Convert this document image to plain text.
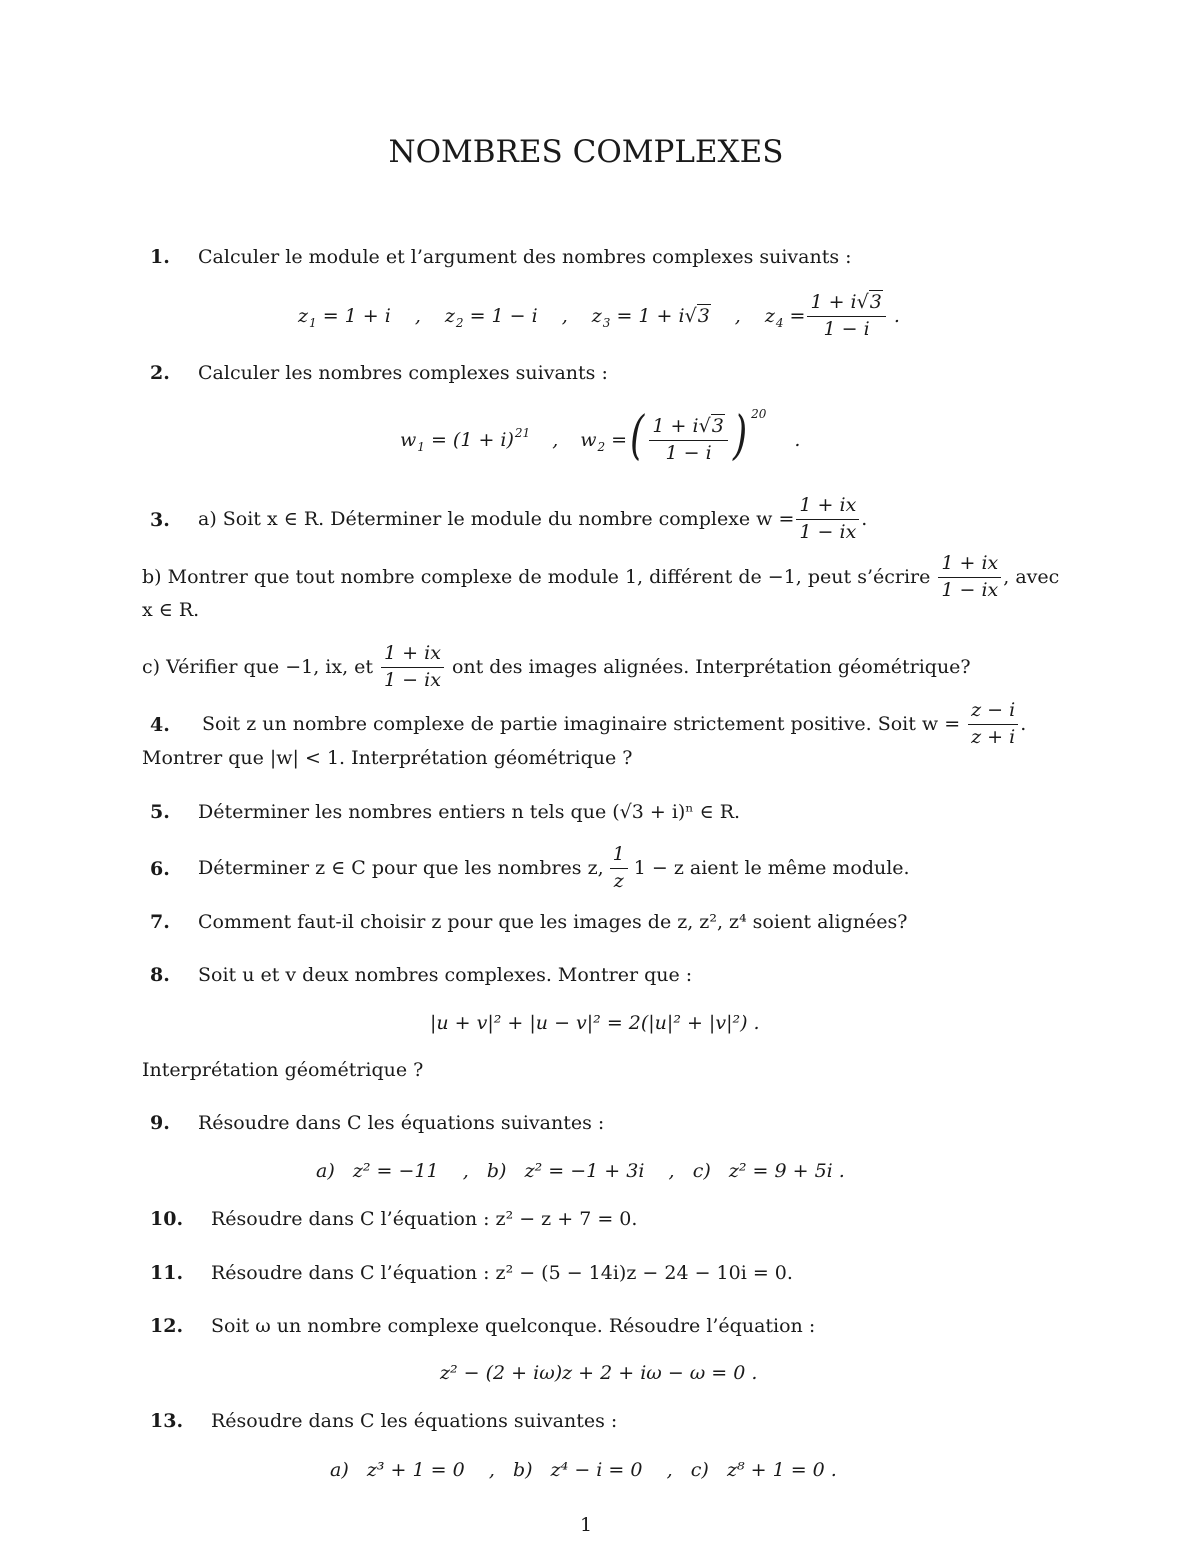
NOMBRES COMPLEXES
1. Calculer le module et l’argument des nombres complexes suivants :
$z_1 = 1 + i$ , $z_2 = 1 - i$ , $z_3 = 1 + i√3$ , $z_4 = \frac{1 + i√3}{1 - i}$ .
2. Calculer les nombres complexes suivants :
$w_1 = (1 + i)^{21}$ , $w_2$ = ( $\frac{1 + i√3}{1 - i}$ ) 20
.
3. a) Soit x ∈ R. Déterminer le module du nombre complexe $w = \frac{1 + ix}{1 - ix}$ .
b) Montrer que tout nombre complexe de module 1, différent de −1, peut s’écrire $\frac{1 + ix}{1 - ix}$ , avec
x ∈ R.
c) Vérifier que −1, ix, et $\frac{1 + ix}{1 - ix}$ ont des images alignées. Interprétation géométrique?
4. Soit z un nombre complexe de partie imaginaire strictement positive. Soit $w = \frac{z - i}{z + i}$ .
Montrer que |w| < 1. Interprétation géométrique ?
5. Déterminer les nombres entiers n tels que (√3 + i)ⁿ ∈ R.
6. Déterminer z ∈ C pour que les nombres z, $\frac{1}{z} 1 - z$ aient le même module.
7. Comment faut-il choisir z pour que les images de z, z², z⁴ soient alignées?
8. Soit u et v deux nombres complexes. Montrer que :
|u + v|² + |u − v|² = 2(|u|² + |v|²) .
Interprétation géométrique ?
9. Résoudre dans C les équations suivantes :
a)   z² = −11    ,   b)   z² = −1 + 3i    ,   c)   z² = 9 + 5i .
10. Résoudre dans C l’équation : z² − z + 7 = 0.
11. Résoudre dans C l’équation : z² − (5 − 14i)z − 24 − 10i = 0.
12. Soit ω un nombre complexe quelconque. Résoudre l’équation :
z² − (2 + iω)z + 2 + iω − ω = 0 .
13. Résoudre dans C les équations suivantes :
a)   z³ + 1 = 0    ,   b)   z⁴ − i = 0    ,   c)   z⁸ + 1 = 0 .
1
